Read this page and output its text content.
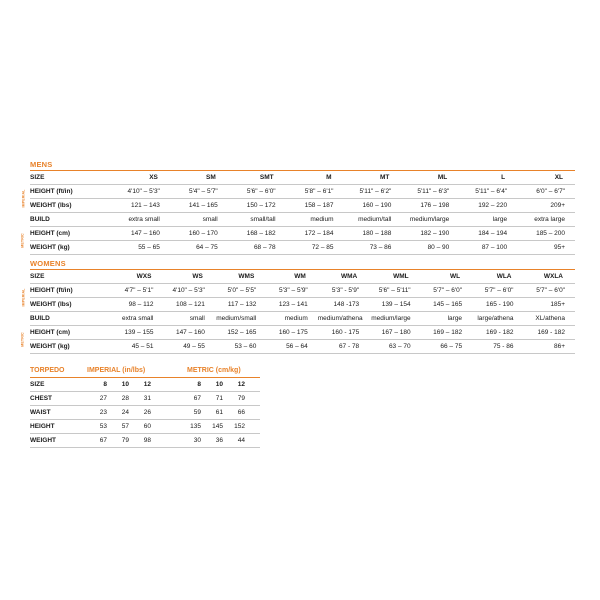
MENS
SIZE	XS	SM	SMT	M	MT	ML	L	XL

IMPERIAL HEIGHT (ft/in)	4'10" – 5'3"	5'4" – 5'7"	5'6" – 6'0"	5'8" – 6'1"	5'11" – 6'2"	5'11" – 6'3"	5'11" – 6'4"	6'0" – 6'7"
WEIGHT (lbs)	121 – 143	141 – 165	150 – 172	158 – 187	160 – 190	176 – 198	192 – 220	209+
BUILD	extra small	small	small/tall	medium	medium/tall	medium/large	large	extra large

METRIC HEIGHT (cm)	147 – 160	160 – 170	168 – 182	172 – 184	180 – 188	182 – 190	184 – 194	185 – 200
WEIGHT (kg)	55 – 65	64 – 75	68 – 78	72 – 85	73 – 86	80 – 90	87 – 100	95+
WOMENS
SIZE	WXS	WS	WMS	WM	WMA	WML	WL	WLA	WXLA

IMPERIAL HEIGHT (ft/in)	4'7" – 5'1"	4'10" – 5'3"	5'0" – 5'5"	5'3" – 5'9"	5'3" - 5'9"	5'6" – 5'11"	5'7" – 6'0"	5'7" – 6'0"	5'7" – 6'0"
WEIGHT (lbs)	98 – 112	108 – 121	117 – 132	123 – 141	148 -173	139 – 154	145 – 165	165 - 190	185+
BUILD	extra small	small	medium/small	medium	medium/athena	medium/large	large	large/athena	XL/athena

METRIC HEIGHT (cm)	139 – 155	147 – 160	152 – 165	160 – 175	160 - 175	167 – 180	169 – 182	169 - 182	169 - 182
WEIGHT (kg)	45 – 51	49 – 55	53 – 60	56 – 64	67 - 78	63 – 70	66 – 75	75 - 86	86+
TORPEDO	IMPERIAL (in/lbs)	METRIC (cm/kg)
SIZE	8	10	12		8	10	12	
CHEST	27	28	31		67	71	79	
WAIST	23	24	26		59	61	66	
HEIGHT	53	57	60		135	145	152	
WEIGHT	67	79	98		30	36	44	
